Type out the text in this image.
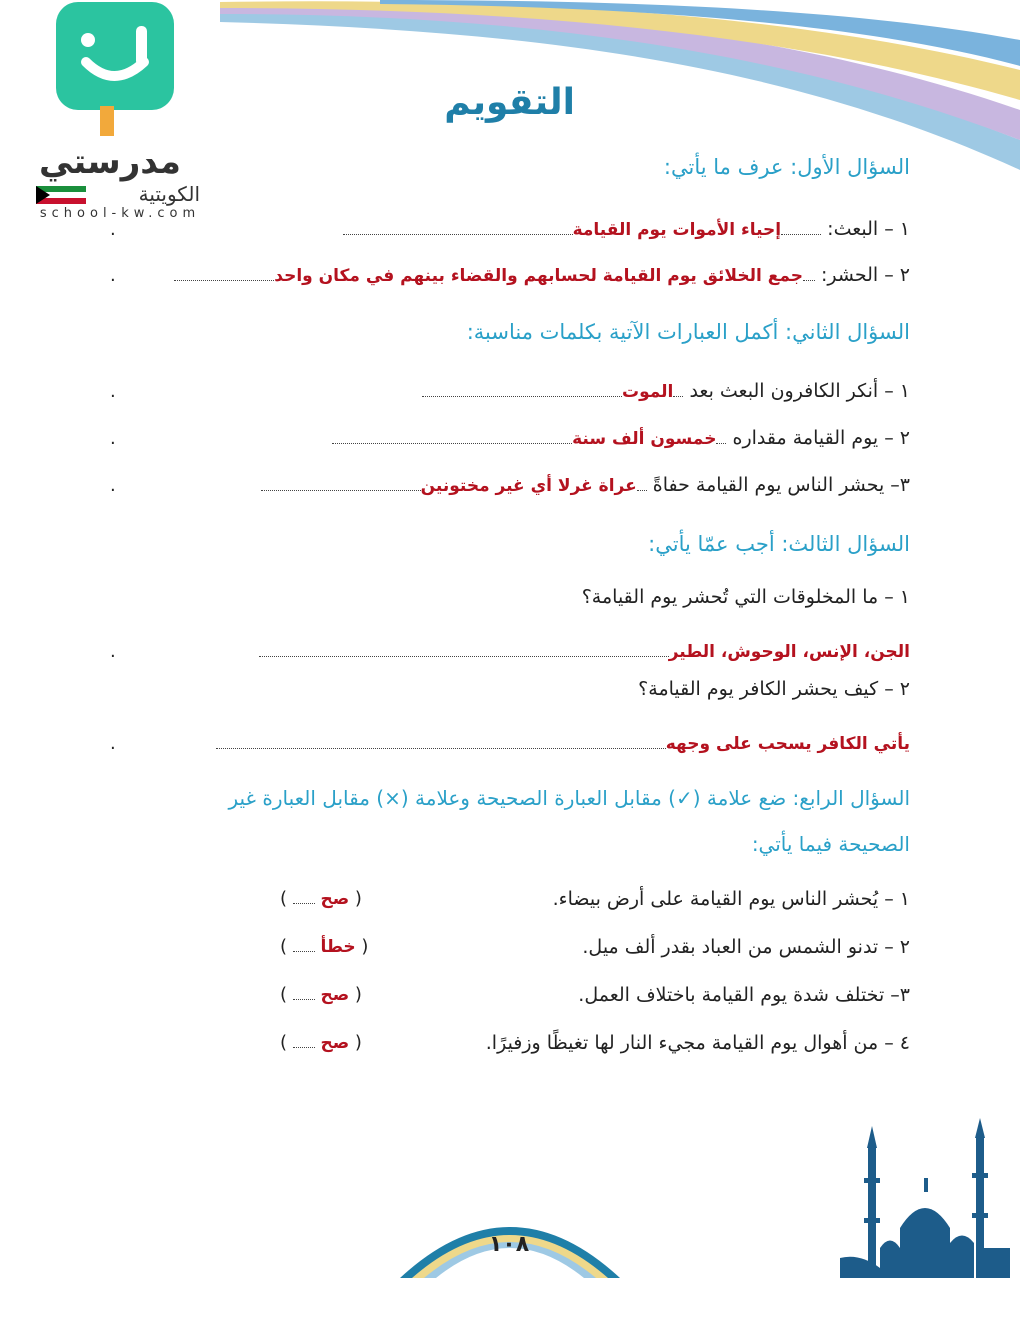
مدرستي
الكويتية
school-kw.com
التقويم
السؤال الأول: عرف ما يأتي:
١ – البعث: إحياء الأموات يوم القيامة
.
٢ – الحشر: جمع الخلائق يوم القيامة لحسابهم والقضاء بينهم في مكان واحد
.
السؤال الثاني: أكمل العبارات الآتية بكلمات مناسبة:
١ – أنكر الكافرون البعث بعد الموت
.
٢ – يوم القيامة مقداره خمسون ألف سنة
.
٣– يحشر الناس يوم القيامة حفاةً عراة غرلا أي غير مختونين
.
السؤال الثالث: أجب عمّا يأتي:
١ – ما المخلوقات التي تُحشر يوم القيامة؟
الجن، الإنس، الوحوش، الطير
.
٢ – كيف يحشر الكافر يوم القيامة؟
يأتي الكافر يسحب على وجهه
.
السؤال الرابع: ضع علامة (✓) مقابل العبارة الصحيحة وعلامة (×) مقابل العبارة غير
الصحيحة فيما يأتي:
١ – يُحشر الناس يوم القيامة على أرض بيضاء.
( صح  )
٢ – تدنو الشمس من العباد بقدر ألف ميل.
( خطأ  )
٣– تختلف شدة يوم القيامة باختلاف العمل.
( صح  )
٤ – من أهوال يوم القيامة مجيء النار لها تغيظًا وزفيرًا.
( صح  )
١٠٨
